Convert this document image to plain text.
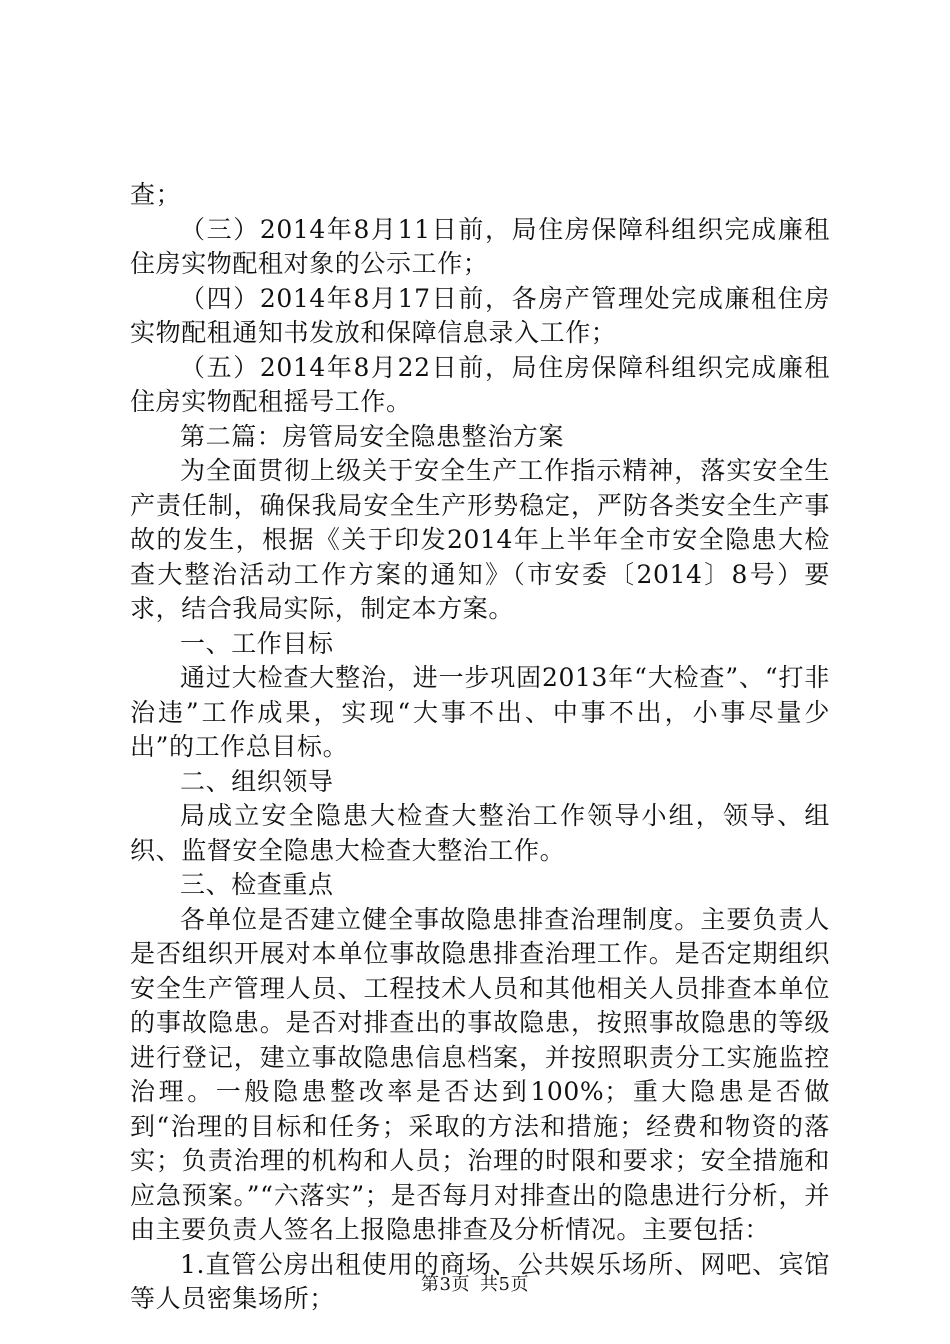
查；

（三）2014年8月11日前，局住房保障科组织完成廉租住房实物配租对象的公示工作；

（四）2014年8月17日前，各房产管理处完成廉租住房实物配租通知书发放和保障信息录入工作；

（五）2014年8月22日前，局住房保障科组织完成廉租住房实物配租摇号工作。

第二篇：房管局安全隐患整治方案

为全面贯彻上级关于安全生产工作指示精神，落实安全生产责任制，确保我局安全生产形势稳定，严防各类安全生产事故的发生，根据《关于印发2014年上半年全市安全隐患大检查大整治活动工作方案的通知》（市安委〔2014〕8号）要求，结合我局实际，制定本方案。

一、工作目标

通过大检查大整治，进一步巩固2013年“大检查”、“打非治违”工作成果，实现“大事不出、中事不出，小事尽量少出”的工作总目标。

二、组织领导

局成立安全隐患大检查大整治工作领导小组，领导、组织、监督安全隐患大检查大整治工作。

三、检查重点

各单位是否建立健全事故隐患排查治理制度。主要负责人是否组织开展对本单位事故隐患排查治理工作。是否定期组织安全生产管理人员、工程技术人员和其他相关人员排查本单位的事故隐患。是否对排查出的事故隐患，按照事故隐患的等级进行登记，建立事故隐患信息档案，并按照职责分工实施监控治理。一般隐患整改率是否达到100%；重大隐患是否做到“治理的目标和任务；采取的方法和措施；经费和物资的落实；负责治理的机构和人员；治理的时限和要求；安全措施和应急预案。”“六落实”；是否每月对排查出的隐患进行分析，并由主要负责人签名上报隐患排查及分析情况。主要包括：

1.直管公房出租使用的商场、公共娱乐场所、网吧、宾馆等人员密集场所；	第3页 共5页
